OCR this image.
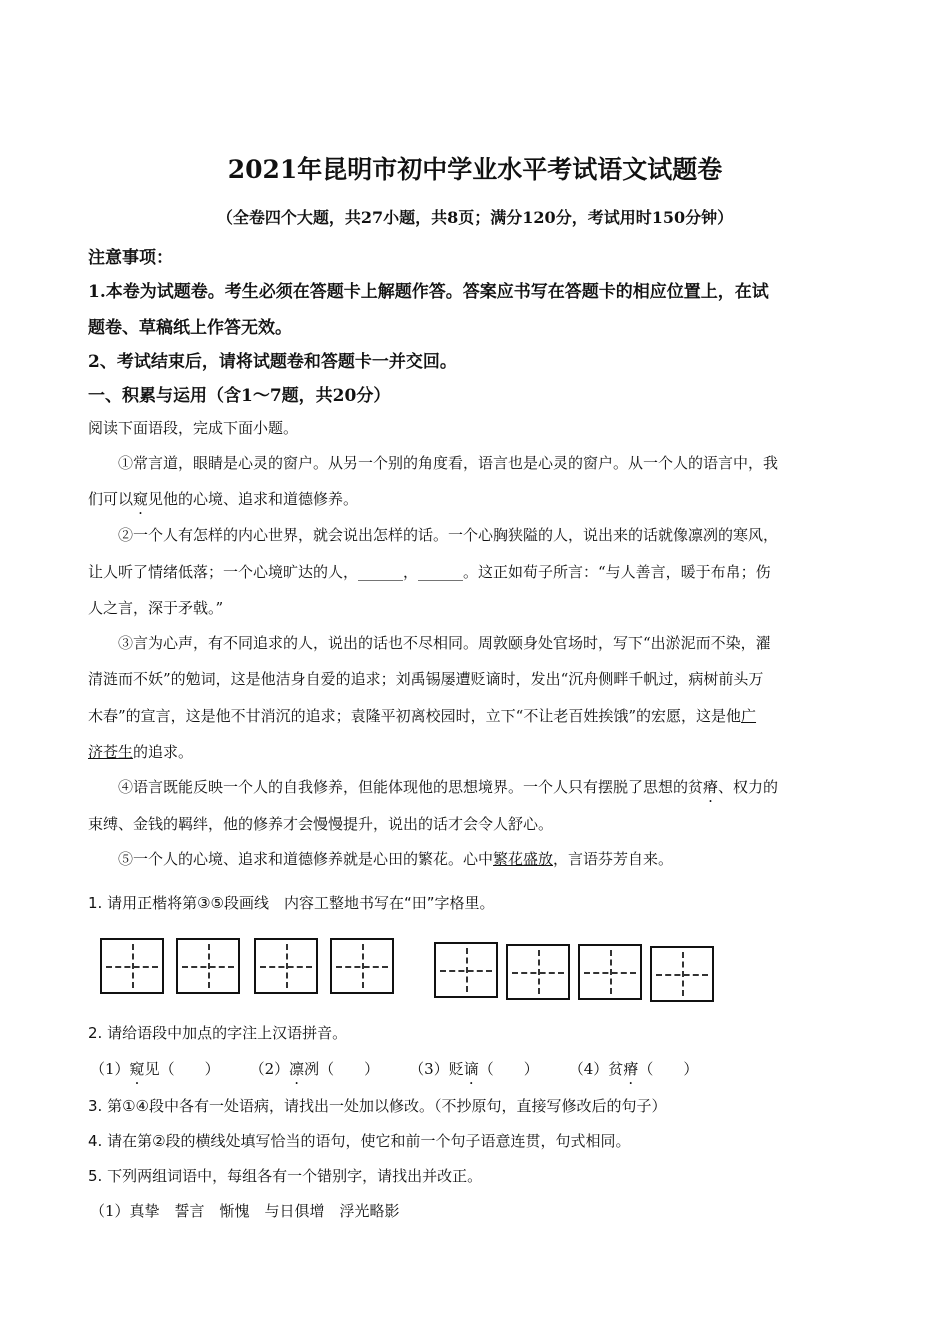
2021年昆明市初中学业水平考试语文试题卷
（全卷四个大题，共27小题，共8页；满分120分，考试用时150分钟）
注意事项：
1.本卷为试题卷。考生必须在答题卡上解题作答。答案应书写在答题卡的相应位置上，在试
题卷、草稿纸上作答无效。
2、考试结束后，请将试题卷和答题卡一并交回。
一、积累与运用（含1～7题，共20分）
阅读下面语段，完成下面小题。
①常言道，眼睛是心灵的窗户。从另一个别的角度看，语言也是心灵的窗户。从一个人的语言中，我
们可以窥见他的心境、追求和道德修养。
②一个人有怎样的内心世界，就会说出怎样的话。一个心胸狭隘的人，说出来的话就像凛冽的寒风，
让人听了情绪低落；一个心境旷达的人，______，______。这正如荀子所言：“与人善言，暖于布帛；伤
人之言，深于矛戟。”
③言为心声，有不同追求的人，说出的话也不尽相同。周敦颐身处官场时，写下“出淤泥而不染，濯
清涟而不妖”的勉词，这是他洁身自爱的追求；刘禹锡屡遭贬谪时，发出“沉舟侧畔千帆过，病树前头万
木春”的宣言，这是他不甘消沉的追求；袁隆平初离校园时，立下“不让老百姓挨饿”的宏愿，这是他广
济苍生的追求。
④语言既能反映一个人的自我修养，但能体现他的思想境界。一个人只有摆脱了思想的贫瘠、权力的
束缚、金钱的羁绊，他的修养才会慢慢提升，说出的话才会令人舒心。
⑤一个人的心境、追求和道德修养就是心田的繁花。心中繁花盛放，言语芬芳自来。
1. 请用正楷将第③⑤段画线　内容工整地书写在“田”字格里。
2. 请给语段中加点的字注上汉语拼音。
（1）窥见（　　） （2）凛冽（　　） （3）贬谪（　　） （4）贫瘠（　　）
3. 第①④段中各有一处语病，请找出一处加以修改。（不抄原句，直接写修改后的句子）
4. 请在第②段的横线处填写恰当的语句，使它和前一个句子语意连贯，句式相同。
5. 下列两组词语中，每组各有一个错别字，请找出并改正。
（1）真挚　誓言　惭愧　与日俱增　浮光略影
